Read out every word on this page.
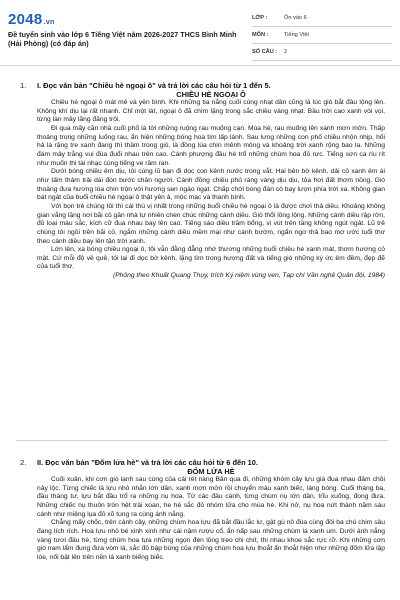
2048.vn
Đề tuyển sinh vào lớp 6 Tiếng Việt năm 2026-2027 THCS Bình Minh (Hải Phòng) (có đáp án)
LỚP :	Ôn vào 6
MÔN :	Tiếng Việt
SỐ CÂU :	2
1. I. Đọc văn bản "Chiều hè ngoại ô" và trả lời các câu hỏi từ 1 đến 5.
CHIỀU HÈ NGOẠI Ô

Chiều hè ngoại ô mát mẻ và yên bình. Khi những tia nắng cuối cùng nhạt dần cũng là lúc gió bắt đầu lộng lên. Không khí dịu lại rất nhanh. Chỉ một lát, ngoại ô đã chìm lặng trong sắc chiều vàng nhạt. Bầu trời cao xanh vòi vọi, từng làn mây lãng đãng trôi.

Đi qua mấy căn nhà cuối phố là tới những ruộng rau muống cạn. Mùa hè, rau muống lên xanh mơn mởn. Thấp thoáng trong những luống rau, ẩn hiện những bóng hoa tím lấp lánh. Sau lưng những con phố chiều nhộn nhịp, hối hả là rặng tre xanh đang thì thầm trong gió, là đồng lúa chín mênh mông và khoảng trời xanh rộng bao la. Những đám mây trắng vui đùa đuổi nhau trên cao. Cánh phượng đầu hè trổ những chùm hoa đỏ rực. Tiếng sơn ca ríu rít như muốn thi tài nhạc cùng tiếng ve râm ran.

Dưới bóng chiều êm dịu, tôi cùng lũ bạn đi dọc con kênh nước trong vắt. Hai bên bờ kênh, dải cỏ xanh êm ái như tấm thảm trải dài đón bước chân người. Cánh đồng chiều phủ ráng vàng dịu dịu, tỏa hơi đất thơm nồng. Gió thoảng đưa hương lúa chín trộn với hương sen ngào ngạt. Chấp chới bóng đàn cò bay lượn phía trời xa. Không gian bát ngát của buổi chiều hè ngoại ô thật yên ả, mộc mạc và thanh bình.

Với bọn trẻ chúng tôi thì cái thú vị nhất trong những buổi chiều hè ngoại ô là được chơi thả diều. Khoảng không gian vắng lặng nơi bãi cỏ gần nhà tự nhiên chen chúc những cánh diều. Gió thổi lồng lộng. Những cánh diều rập rờn, đủ loại màu sắc, kích cỡ đua nhau bay lên cao. Tiếng sáo diều trầm bổng, vi vút trên tầng không ngút ngát. Lũ trẻ chúng tôi ngồi trên bãi cỏ, ngắm những cánh diều mềm mại như cánh bướm, ngẩn ngơ thả bao mơ ước tuổi thơ theo cánh diều bay lên tận trời xanh.

Lớn lên, xa bóng chiều ngoại ô, tôi vẫn đằng đẵng nhớ thương những buổi chiều hè xanh mát, thơm hương cỏ mật. Cứ mỗi độ về quê, tôi lại đi dọc bờ kênh, lặng tìm trong hương đất và tiếng gió những ký ức êm đềm, đẹp đẽ của tuổi thơ.

(Phỏng theo Khuất Quang Thụy, trích Ký niệm vùng ven, Tạp chí Văn nghệ Quân đội, 1984)

2. II. Đọc văn bản "Đốm lửa hè" và trả lời các câu hỏi từ 6 đến 10.
ĐỐM LỬA HÈ

Cuối xuân, khi cơn gió lạnh sau cùng của cái rét nàng Bân qua đi, những khóm cây lựu già đua nhau đâm chồi nảy lộc. Từng chiếc lá lựu nhỏ nhắn lớn dần, xanh mơn mởn rồi chuyển màu xanh biếc, láng bóng. Cuối tháng ba, đầu tháng tư, lựu bắt đầu trổ ra những nụ hoa. Từ các đầu cành, từng chùm nụ lớn dần, trĩu xuống, đong đưa. Những chiếc nụ thuôn tròn hệt trái xoan, he hé sắc đỏ nhóm lửa cho mùa hè. Khi nở, nụ hoa nứt thành năm sáu cánh như miệng lụa đỏ xõ tung ra cùng ánh nắng.

Chẳng mấy chốc, trên cành cây, những chùm hoa lựu đã bắt đầu lắc lư, gật gù nô đùa cùng đôi ba chú chim sâu đang lích rích. Hoa lựu nhỏ bé xinh xinh như cái nậm rượu cổ, ẩn nấp sau những chùm lá xanh um. Dưới ánh nắng vàng tươi đầu hè, từng chùm hoa tựa những ngọn đèn lồng treo chi chít, thi nhau khoe sắc rực rỡ. Khi những cơn gió nam lẩm đung đưa vòm lá, sắc đỏ bập bùng của những chùm hoa lựu thoắt ẩn thoắt hiện như những đốm lửa lập lòe, nổi bật lên trên nền lá xanh biếng biếc.
